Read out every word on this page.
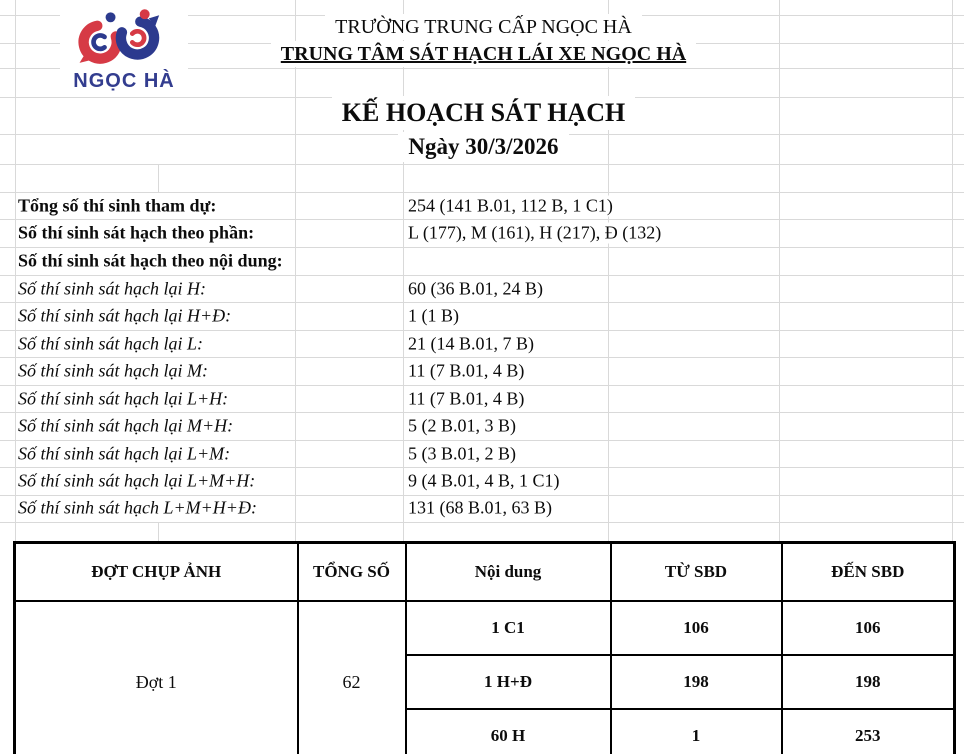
NGỌC HÀ
TRƯỜNG TRUNG CẤP NGỌC HÀ
TRUNG TÂM SÁT HẠCH LÁI XE NGỌC HÀ
KẾ HOẠCH SÁT HẠCH
Ngày 30/3/2026
Tổng số thí sinh tham dự:	254 (141 B.01, 112 B, 1 C1)
Số thí sinh sát hạch theo phần:	L (177), M (161), H (217), Đ (132)
Số thí sinh sát hạch theo nội dung:
Số thí sinh sát hạch lại H:	60 (36 B.01, 24 B)
Số thí sinh sát hạch lại H+Đ:	1 (1 B)
Số thí sinh sát hạch lại L:	21 (14 B.01, 7 B)
Số thí sinh sát hạch lại M:	11 (7 B.01, 4 B)
Số thí sinh sát hạch lại L+H:	11 (7 B.01, 4 B)
Số thí sinh sát hạch lại M+H:	5 (2 B.01, 3 B)
Số thí sinh sát hạch lại L+M:	5 (3 B.01, 2 B)
Số thí sinh sát hạch lại L+M+H:	9 (4 B.01, 4 B, 1 C1)
Số thí sinh sát hạch L+M+H+Đ:	131 (68 B.01, 63 B)
ĐỢT CHỤP ẢNH	TỔNG SỐ	Nội dung	TỪ SBD	ĐẾN SBD
Đợt 1	62	1 C1	106	106
		1 H+Đ	198	198
		60 H	1	253
